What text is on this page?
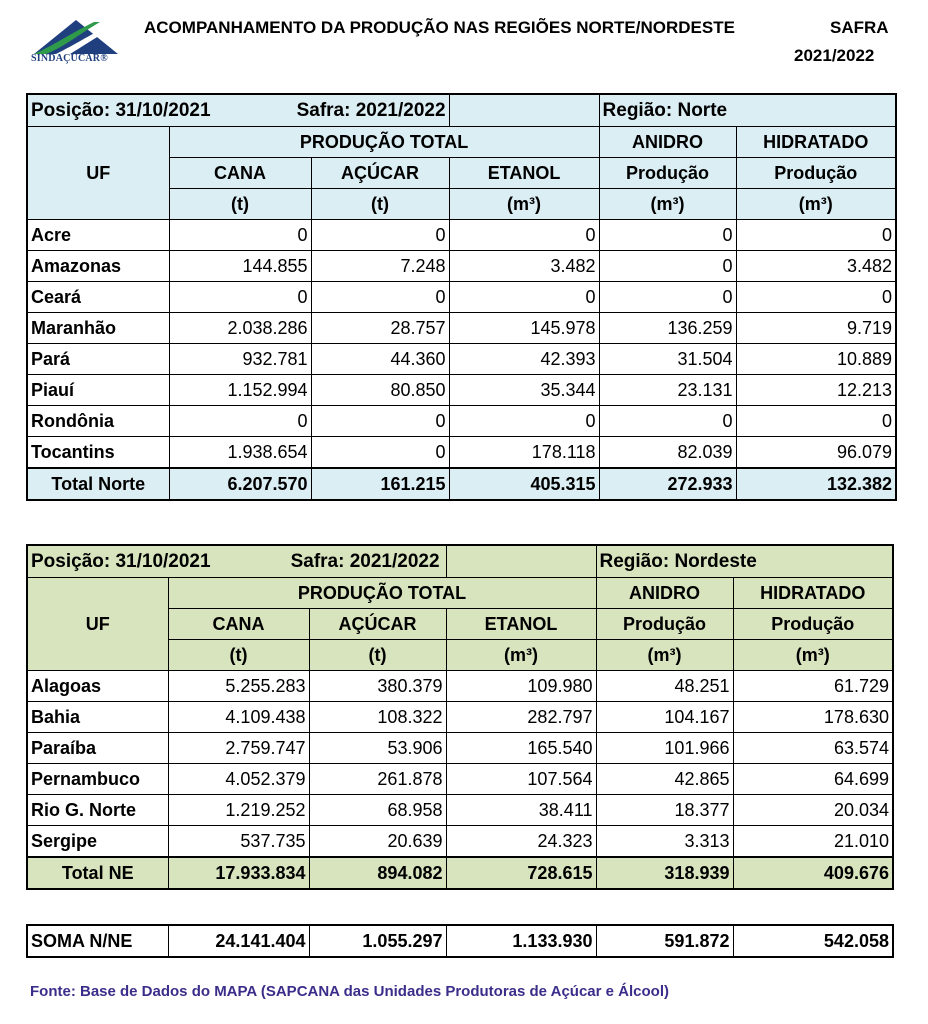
SINDAÇÚCAR®
ACOMPANHAMENTO DA PRODUÇÃO NAS REGIÕES NORTE/NORDESTE	SAFRA
2021/2022
Posição: 31/10/2021 Safra: 2021/2022				Região: Norte	
UF	PRODUÇÃO TOTAL			ANIDRO	HIDRATADO
	CANA	AÇÚCAR	ETANOL	Produção	Produção
	(t)	(t)	(m³)	(m³)	(m³)
Acre	0	0	0	0	0
Amazonas	144.855	7.248	3.482	0	3.482
Ceará	0	0	0	0	0
Maranhão	2.038.286	28.757	145.978	136.259	9.719
Pará	932.781	44.360	42.393	31.504	10.889
Piauí	1.152.994	80.850	35.344	23.131	12.213
Rondônia	0	0	0	0	0
Tocantins	1.938.654	0	178.118	82.039	96.079
Total Norte	6.207.570	161.215	405.315	272.933	132.382
Posição: 31/10/2021 Safra: 2021/2022				Região: Nordeste	
UF	PRODUÇÃO TOTAL			ANIDRO	HIDRATADO
	CANA	AÇÚCAR	ETANOL	Produção	Produção
	(t)	(t)	(m³)	(m³)	(m³)
Alagoas	5.255.283	380.379	109.980	48.251	61.729
Bahia	4.109.438	108.322	282.797	104.167	178.630
Paraíba	2.759.747	53.906	165.540	101.966	63.574
Pernambuco	4.052.379	261.878	107.564	42.865	64.699
Rio G. Norte	1.219.252	68.958	38.411	18.377	20.034
Sergipe	537.735	20.639	24.323	3.313	21.010
Total NE	17.933.834	894.082	728.615	318.939	409.676
SOMA N/NE	24.141.404	1.055.297	1.133.930	591.872	542.058
Fonte: Base de Dados do MAPA (SAPCANA das Unidades Produtoras de Açúcar e Álcool)
